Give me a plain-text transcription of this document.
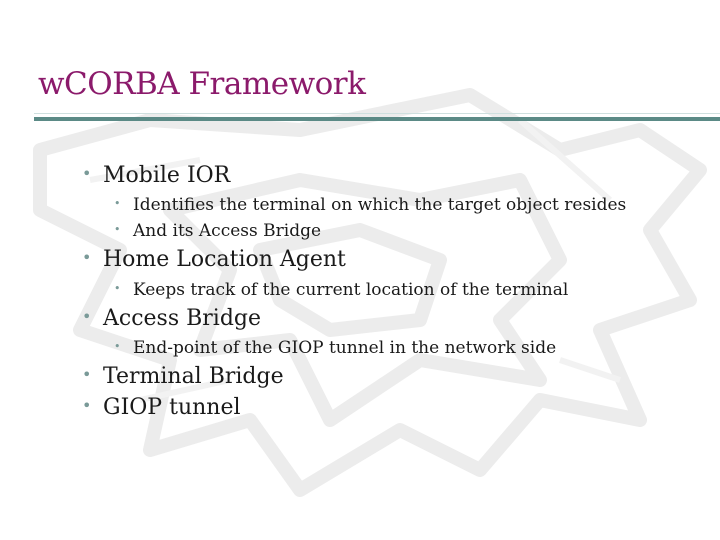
wCORBA Framework
• Mobile IOR
• Identifies the terminal on which the target object resides
• And its Access Bridge
• Home Location Agent
• Keeps track of the current location of the terminal
• Access Bridge
• End-point of the GIOP tunnel in the network side
• Terminal Bridge
• GIOP tunnel
